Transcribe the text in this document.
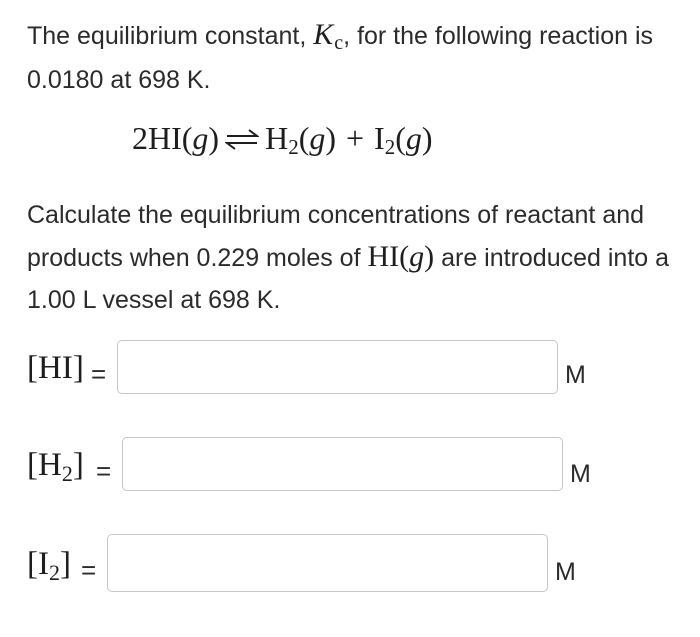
The equilibrium constant, $K_c$, for the following reaction is 0.0180 at 698 K.

2HI(g) ⇌ $H_2(g) + I_2(g)$

Calculate the equilibrium concentrations of reactant and products when 0.229 moles of HI(g) are introduced into a 1.00 L vessel at 698 K.

[HI] =	M
$[H_2]$ =	M
$[I_2]$ =	M
